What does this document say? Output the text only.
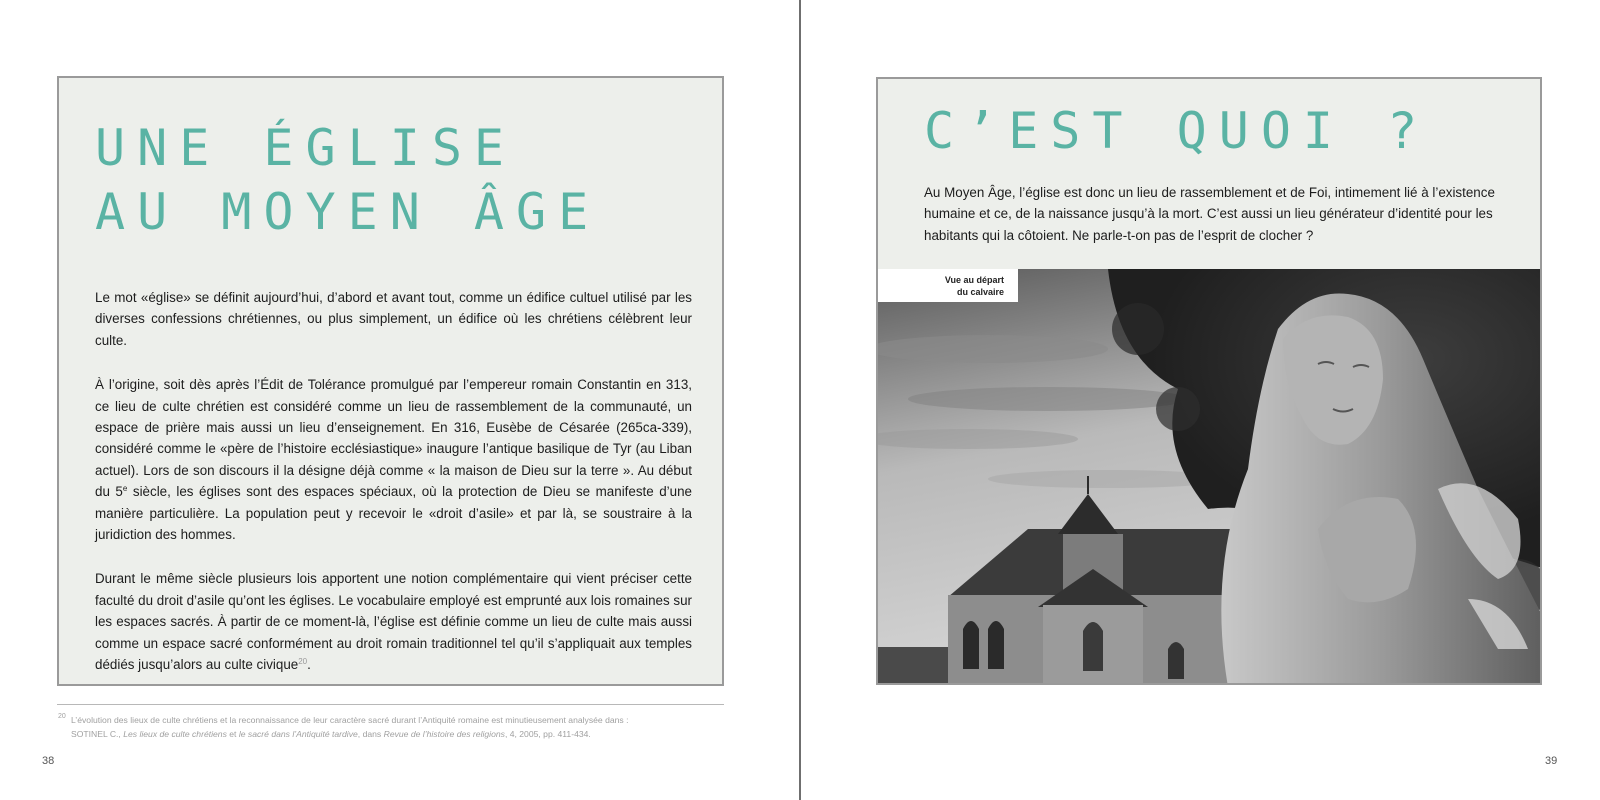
UNE ÉGLISE
AU MOYEN ÂGE

Le mot «église» se définit aujourd’hui, d’abord et avant tout, comme un édifice cultuel utilisé par les diverses confessions chrétiennes, ou plus simplement, un édifice où les chrétiens célèbrent leur culte.

À l’origine, soit dès après l’Édit de Tolérance promulgué par l’empereur romain Constantin en 313, ce lieu de culte chrétien est considéré comme un lieu de rassemblement de la communauté, un espace de prière mais aussi un lieu d’enseignement. En 316, Eusèbe de Césarée (265ca-339), considéré comme le «père de l’histoire ecclésiastique» inaugure l’antique basilique de Tyr (au Liban actuel). Lors de son discours il la désigne déjà comme « la maison de Dieu sur la terre ». Au début du 5e siècle, les églises sont des espaces spéciaux, où la protection de Dieu se manifeste d’une manière particulière. La population peut y recevoir le «droit d’asile» et par là, se soustraire à la juridiction des hommes.

Durant le même siècle plusieurs lois apportent une notion complémentaire qui vient préciser cette faculté du droit d’asile qu’ont les églises. Le vocabulaire employé est emprunté aux lois romaines sur les espaces sacrés. À partir de ce moment-là, l’église est définie comme un lieu de culte mais aussi comme un espace sacré conformément au droit romain traditionnel tel qu’il s’appliquait aux temples dédiés jusqu’alors au culte civique$^{20}$.

20 L’évolution des lieux de culte chrétiens et la reconnaissance de leur caractère sacré durant l’Antiquité romaine est minutieusement analysée dans :
SOTINEL C., Les lieux de culte chrétiens et le sacré dans l’Antiquité tardive, dans Revue de l’histoire des religions, 4, 2005, pp. 411-434.
38
C’EST QUOI ?

Au Moyen Âge, l’église est donc un lieu de rassemblement et de Foi, intimement lié à l’existence humaine et ce, de la naissance jusqu’à la mort. C’est aussi un lieu générateur d’identité pour les habitants qui la côtoient. Ne parle-t-on pas de l’esprit de clocher ?

Vue au départ
du calvaire
39
